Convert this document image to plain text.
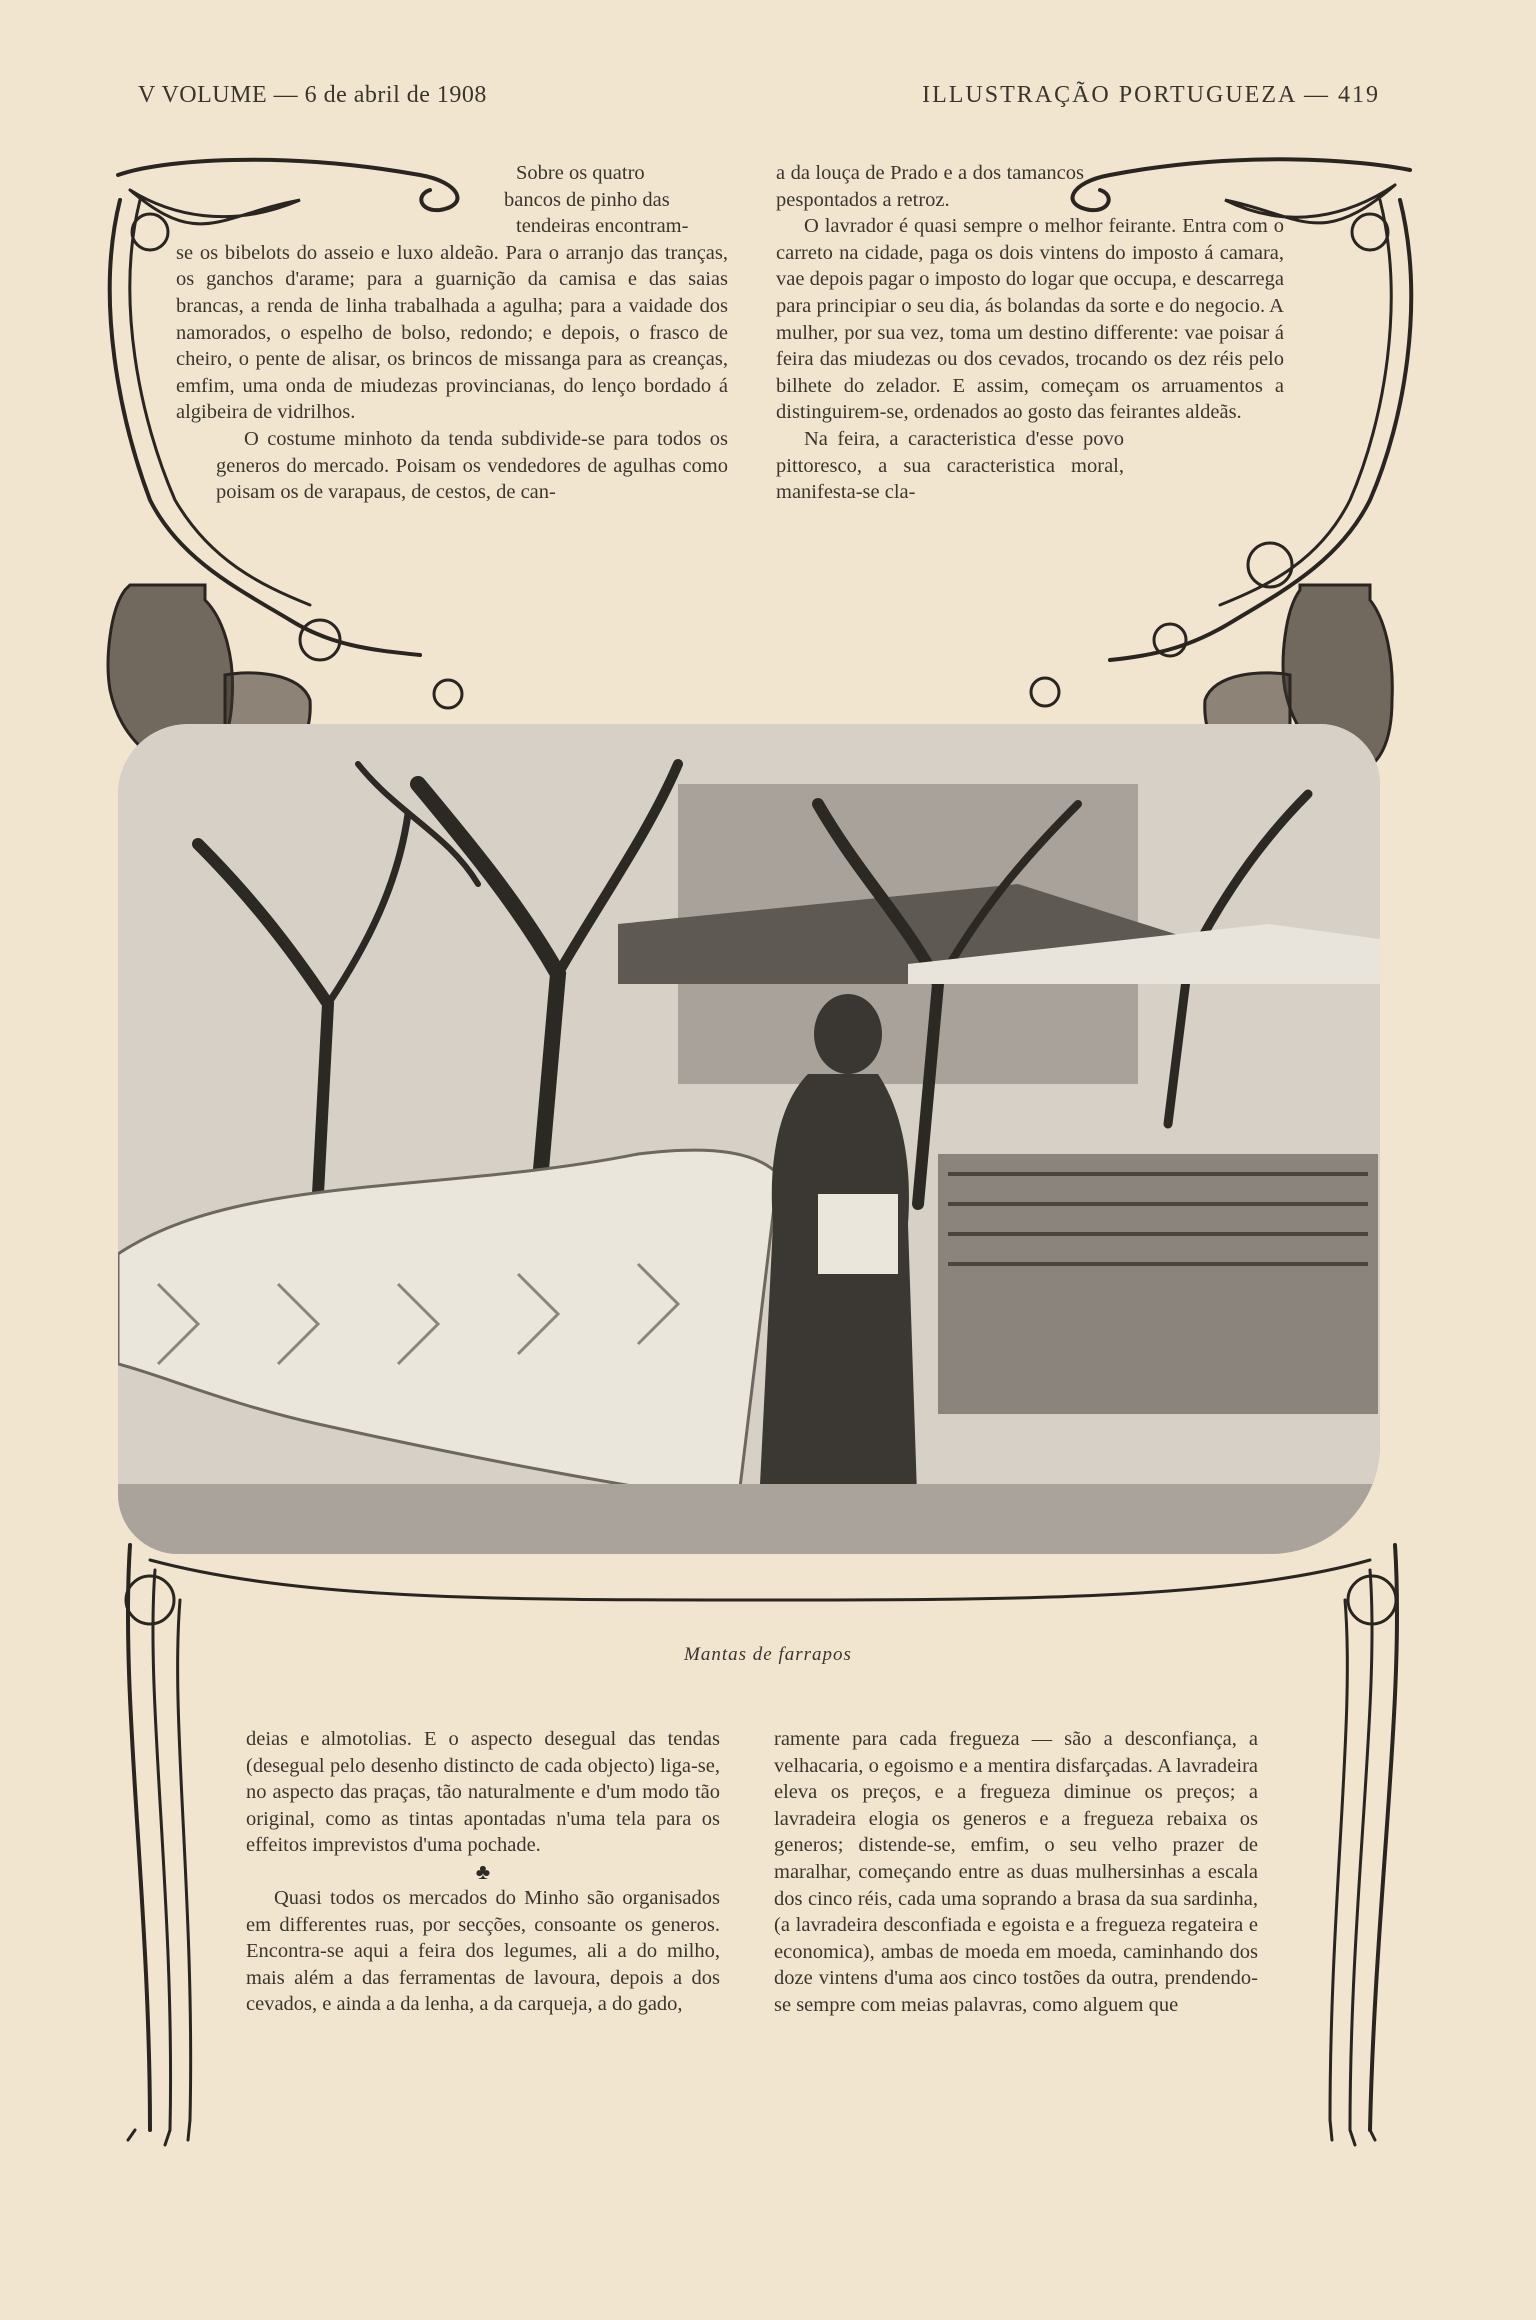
V VOLUME — 6 de abril de 1908	ILLUSTRAÇÃO PORTUGUEZA — 419

Sobre os quatro

bancos de pinho das

tendeiras encontram-

se os bibelots do asseio e luxo aldeão. Para o arranjo das tranças, os ganchos d'arame; para a guarnição da camisa e das saias brancas, a renda de linha trabalhada a agulha; para a vaidade dos namorados, o espelho de bolso, redondo; e depois, o frasco de cheiro, o pente de alisar, os brincos de missanga para as creanças, emfim, uma onda de miudezas provincianas, do lenço bordado á algibeira de vidrilhos.

O costume minhoto da tenda subdivide-se para todos os generos do mercado. Poisam os vendedores de agulhas como poisam os de varapaus, de cestos, de can-

a da louça de Prado e a dos tamancos pespontados a retroz.

O lavrador é quasi sempre o melhor feirante. Entra com o carreto na cidade, paga os dois vintens do imposto á camara, vae depois pagar o imposto do logar que occupa, e descarrega para principiar o seu dia, ás bolandas da sorte e do negocio. A mulher, por sua vez, toma um destino differente: vae poisar á feira das miudezas ou dos cevados, trocando os dez réis pelo bilhete do zelador. E assim, começam os arruamentos a distinguirem-se, ordenados ao gosto das feirantes aldeãs.

Na feira, a caracteristica d'esse povo pittoresco, a sua caracteristica moral, manifesta-se cla-

Mantas de farrapos

deias e almotolias. E o aspecto desegual das tendas (desegual pelo desenho distincto de cada objecto) liga-se, no aspecto das praças, tão naturalmente e d'um modo tão original, como as tintas apontadas n'uma tela para os effeitos imprevistos d'uma pochade.

♣

Quasi todos os mercados do Minho são organisados em differentes ruas, por secções, consoante os generos. Encontra-se aqui a feira dos legumes, ali a do milho, mais além a das ferramentas de lavoura, depois a dos cevados, e ainda a da lenha, a da carqueja, a do gado,

ramente para cada fregueza — são a desconfiança, a velhacaria, o egoismo e a mentira disfarçadas. A lavradeira eleva os preços, e a fregueza diminue os preços; a lavradeira elogia os generos e a fregueza rebaixa os generos; distende-se, emfim, o seu velho prazer de maralhar, começando entre as duas mulhersinhas a escala dos cinco réis, cada uma soprando a brasa da sua sardinha, (a lavradeira desconfiada e egoista e a fregueza regateira e economica), ambas de moeda em moeda, caminhando dos doze vintens d'uma aos cinco tostões da outra, prendendo-se sempre com meias palavras, como alguem que
